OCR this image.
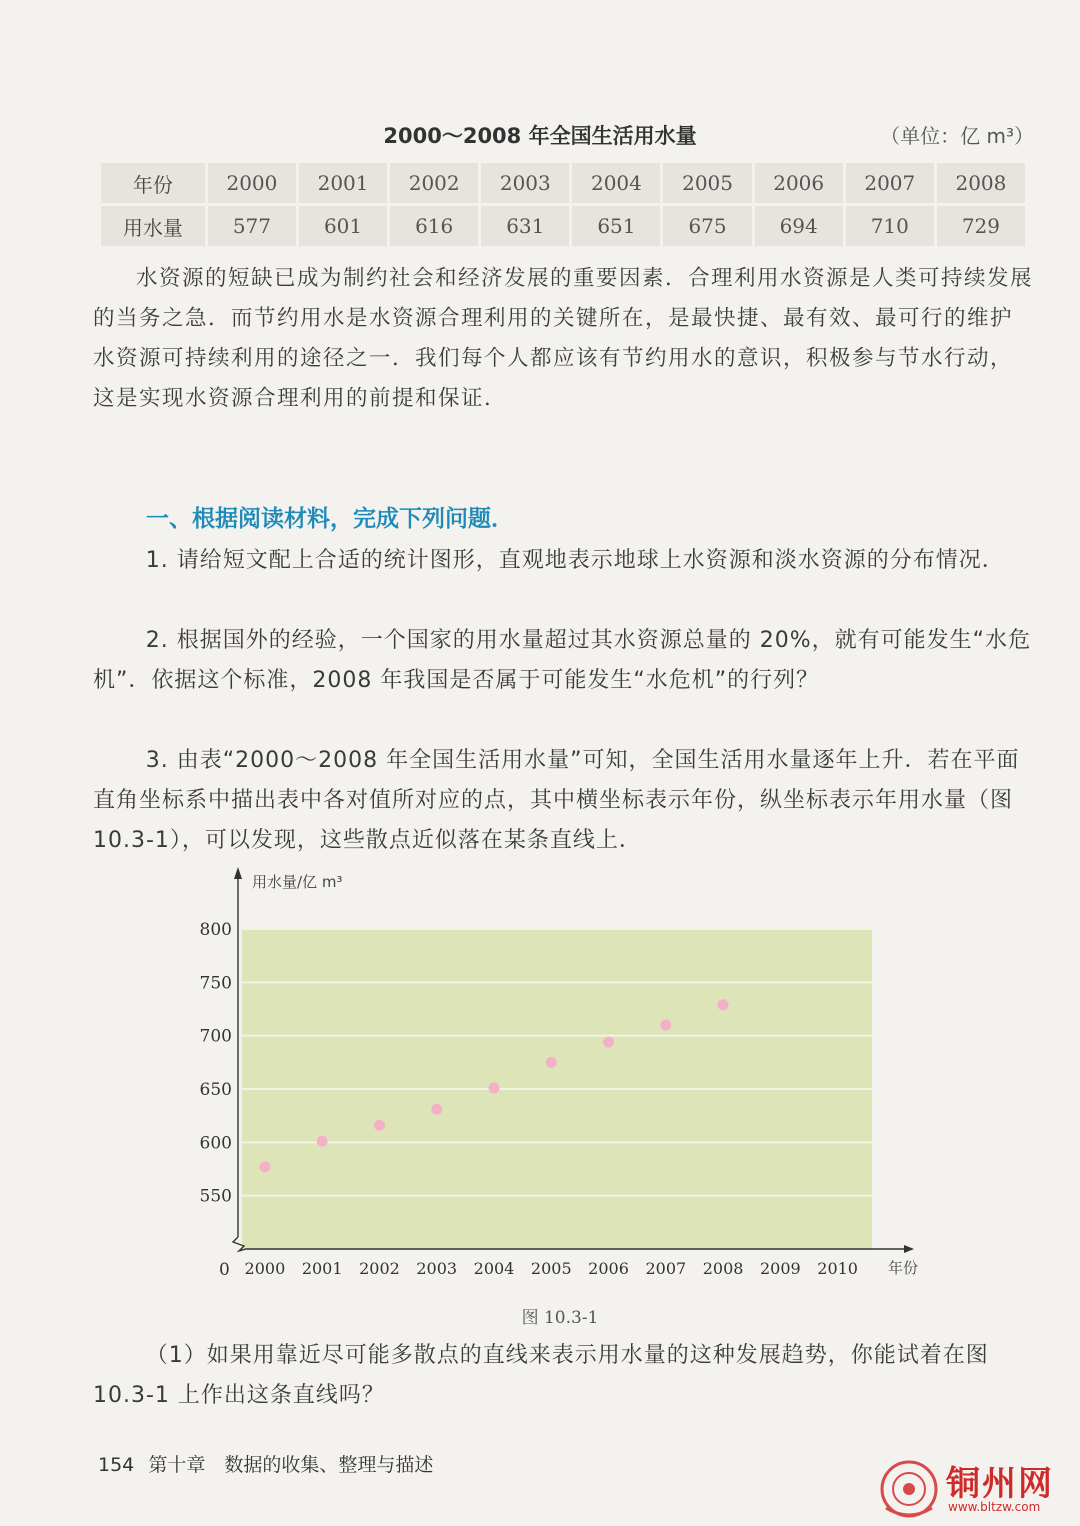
2000～2008 年全国生活用水量	（单位：亿 m³）
年份	2000	2001	2002	2003	2004	2005	2006	2007	2008
用水量	577	601	616	631	651	675	694	710	729
水资源的短缺已成为制约社会和经济发展的重要因素．合理利用水资源是人类可持续发展的当务之急．而节约用水是水资源合理利用的关键所在，是最快捷、最有效、最可行的维护水资源可持续利用的途径之一．我们每个人都应该有节约用水的意识，积极参与节水行动，这是实现水资源合理利用的前提和保证．
一、根据阅读材料，完成下列问题．
1. 请给短文配上合适的统计图形，直观地表示地球上水资源和淡水资源的分布情况．
2. 根据国外的经验，一个国家的用水量超过其水资源总量的 20%，就有可能发生“水危机”．依据这个标准，2008 年我国是否属于可能发生“水危机”的行列？
3. 由表“2000～2008 年全国生活用水量”可知，全国生活用水量逐年上升．若在平面直角坐标系中描出表中各对值所对应的点，其中横坐标表示年份，纵坐标表示年用水量（图 10.3-1），可以发现，这些散点近似落在某条直线上．
用水量/亿 m³
年份
0
550
600
650
700
750
800
2000 2001 2002 2003 2004 2005 2006 2007 2008 2009 2010
图 10.3-1
（1）如果用靠近尽可能多散点的直线来表示用水量的这种发展趋势，你能试着在图 10.3-1 上作出这条直线吗？
154 第十章　数据的收集、整理与描述	铜州网
www.bltzw.com
